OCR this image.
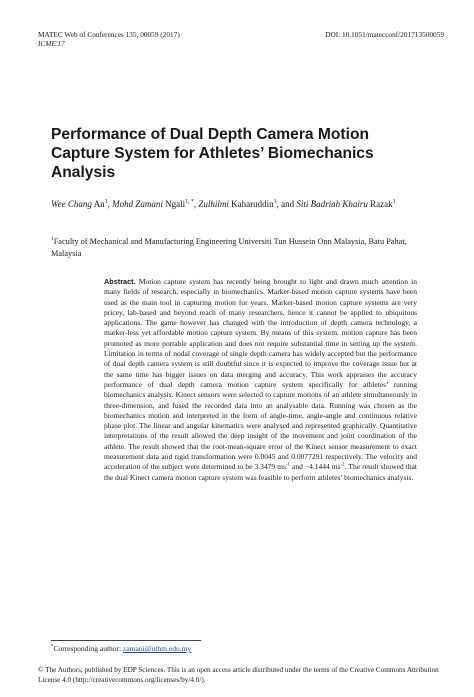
MATEC Web of Conferences 135, 00059 (2017)
ICME'17
DOI: 10.1051/matecconf/201713500059
Performance of Dual Depth Camera Motion Capture System for Athletes’ Biomechanics Analysis
Wee Chang An$^1$, Mohd Zamani Ngali$^{1, *}$, Zulhilmi Kaharuddin$^1$, and Siti Badriah Khairu Razak$^1$
$^1$Faculty of Mechanical and Manufacturing Engineering Universiti Tun Hussein Onn Malaysia, Batu Pahat, Malaysia
Abstract. Motion capture system has recently being brought to light and drawn much attention in many fields of research, especially in biomechanics. Marker-based motion capture systems have been used as the main tool in capturing motion for years. Marker-based motion capture systems are very pricey, lab-based and beyond reach of many researchers, hence it cannot be applied to ubiquitous applications. The game however has changed with the introduction of depth camera technology, a marker-less yet affordable motion capture system. By means of this system, motion capture has been promoted as more portable application and does not require substantial time in setting up the system. Limitation in terms of nodal coverage of single depth camera has widely accepted but the performance of dual depth camera system is still doubtful since it is expected to improve the coverage issue but at the same time has bigger issues on data merging and accuracy. This work appraises the accuracy performance of dual depth camera motion capture system specifically for athletes’ running biomechanics analysis. Kinect sensors were selected to capture motions of an athlete simultaneously in three-dimension, and fused the recorded data into an analysable data. Running was chosen as the biomechanics motion and interpreted in the form of angle-time, angle-angle and continuous relative phase plot. The linear and angular kinematics were analysed and represented graphically. Quantitative interpretations of the result allowed the deep insight of the movement and joint coordination of the athlete. The result showed that the root-mean-square error of the Kinect sensor measurement to exact measurement data and rigid transformation were 0.0045 and 0.0077291 respectively. The velocity and acceleration of the subject were determined to be 3.3479 $ms^{-1}$ and −4.1444 $ms^{-2}$. The result showed that the dual Kinect camera motion capture system was feasible to perform athletes’ biomechanics analysis.
*Corresponding author: zamani@uthm.edu.my
© The Authors, published by EDP Sciences. This is an open access article distributed under the terms of the Creative Commons Attribution License 4.0 (http://creativecommons.org/licenses/by/4.0/).
